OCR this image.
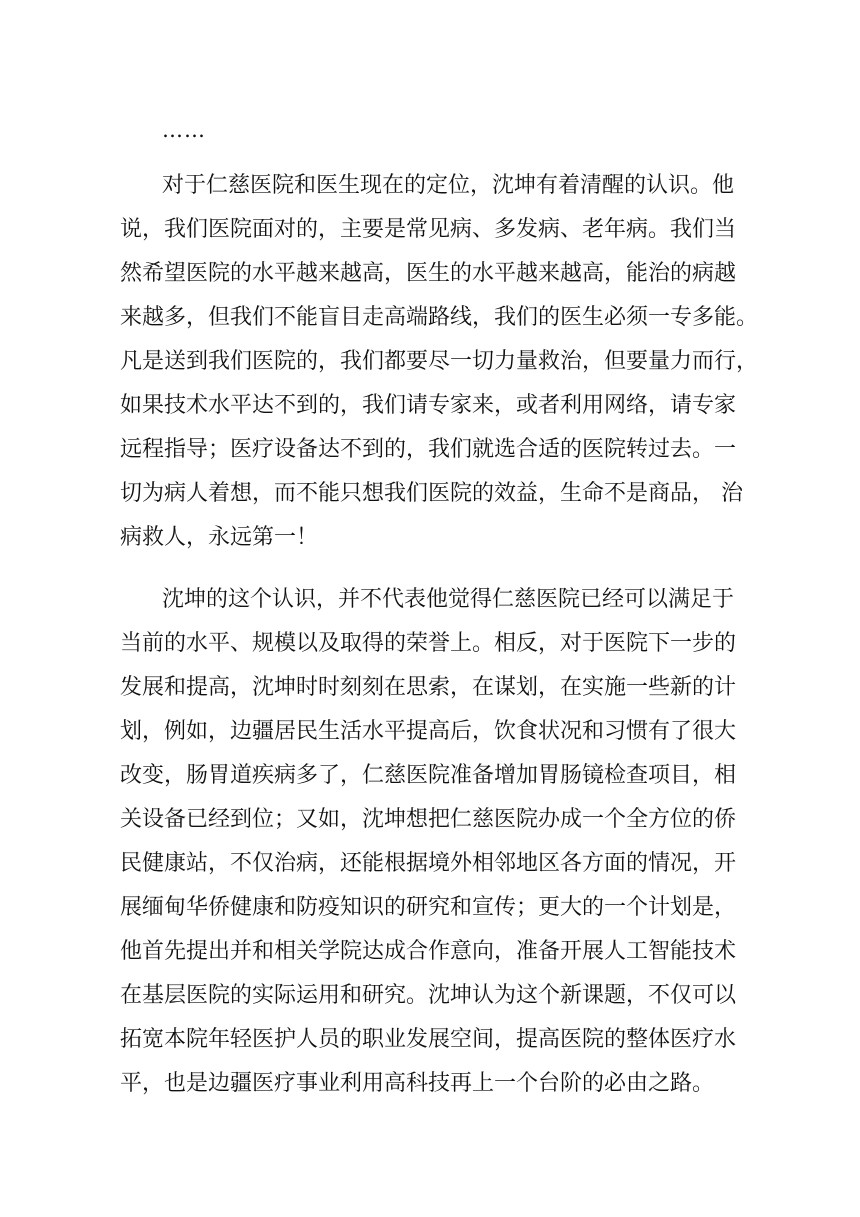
……
对于仁慈医院和医生现在的定位，沈坤有着清醒的认识。他
说，我们医院面对的，主要是常见病、多发病、老年病。我们当
然希望医院的水平越来越高，医生的水平越来越高，能治的病越
来越多，但我们不能盲目走高端路线，我们的医生必须一专多能。
凡是送到我们医院的，我们都要尽一切力量救治，但要量力而行，
如果技术水平达不到的，我们请专家来，或者利用网络，请专家
远程指导；医疗设备达不到的，我们就选合适的医院转过去。一
切为病人着想，而不能只想我们医院的效益，生命不是商品， 治
病救人，永远第一！
沈坤的这个认识，并不代表他觉得仁慈医院已经可以满足于
当前的水平、规模以及取得的荣誉上。相反，对于医院下一步的
发展和提高，沈坤时时刻刻在思索，在谋划，在实施一些新的计
划，例如，边疆居民生活水平提高后，饮食状况和习惯有了很大
改变，肠胃道疾病多了，仁慈医院准备增加胃肠镜检查项目，相
关设备已经到位；又如，沈坤想把仁慈医院办成一个全方位的侨
民健康站，不仅治病，还能根据境外相邻地区各方面的情况，开
展缅甸华侨健康和防疫知识的研究和宣传；更大的一个计划是，
他首先提出并和相关学院达成合作意向，准备开展人工智能技术
在基层医院的实际运用和研究。沈坤认为这个新课题，不仅可以
拓宽本院年轻医护人员的职业发展空间，提高医院的整体医疗水
平，也是边疆医疗事业利用高科技再上一个台阶的必由之路。
